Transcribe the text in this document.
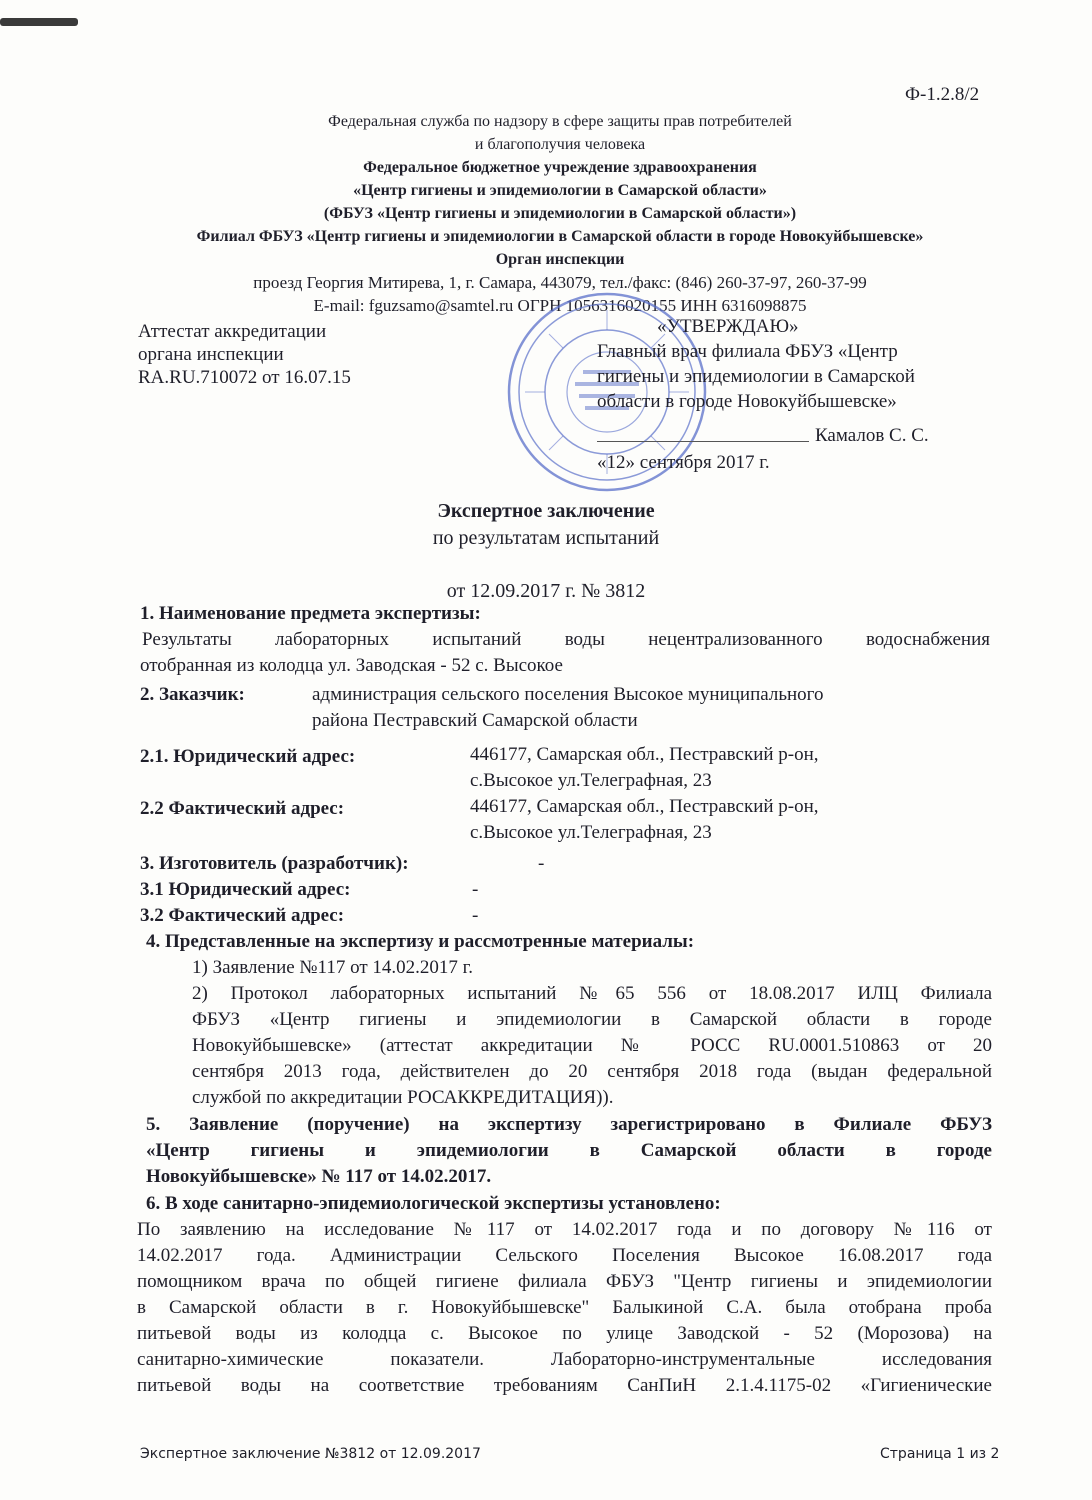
Ф-1.2.8/2
Федеральная служба по надзору в сфере защиты прав потребителей
и благополучия человека
Федеральное бюджетное учреждение здравоохранения
«Центр гигиены и эпидемиологии в Самарской области»
(ФБУЗ «Центр гигиены и эпидемиологии в Самарской области»)
Филиал ФБУЗ «Центр гигиены и эпидемиологии в Самарской области в городе Новокуйбышевске»
Орган инспекции
проезд Георгия Митирева, 1, г. Самара, 443079, тел./факс: (846) 260-37-97, 260-37-99
E-mail: fguzsamo@samtel.ru ОГРН 1056316020155 ИНН 6316098875
Аттестат аккредитации
органа инспекции
RA.RU.710072 от 16.07.15
«УТВЕРЖДАЮ»
Главный врач филиала ФБУЗ «Центр
гигиены и эпидемиологии в Самарской
области в городе Новокуйбышевске»
Камалов С. С.
«12» сентября 2017 г.
Экспертное заключение
по результатам испытаний
от 12.09.2017 г. № 3812
1. Наименование предмета экспертизы:
Результаты лабораторных испытаний воды нецентрализованного водоснабжения
отобранная из колодца ул. Заводская - 52 с. Высокое
2. Заказчик:	администрация сельского поселения Высокое муниципального
района Пестравский Самарской области
2.1. Юридический адрес:	446177, Самарская обл., Пестравский р-он,
с.Высокое ул.Телеграфная, 23
2.2 Фактический адрес:	446177, Самарская обл., Пестравский р-он,
с.Высокое ул.Телеграфная, 23
3. Изготовитель (разработчик):	-
3.1 Юридический адрес:	-
3.2 Фактический адрес:	-
4. Представленные на экспертизу и рассмотренные материалы:
1) Заявление №117 от 14.02.2017 г.
2) Протокол лабораторных испытаний №65 556 от 18.08.2017 ИЛЦ Филиала
ФБУЗ «Центр гигиены и эпидемиологии в Самарской области в городе
Новокуйбышевске» (аттестат аккредитации № РОСС RU.0001.510863 от 20
сентября 2013 года, действителен до 20 сентября 2018 года (выдан федеральной
службой по аккредитации РОСАККРЕДИТАЦИЯ)).
5. Заявление (поручение) на экспертизу зарегистрировано в Филиале ФБУЗ
«Центр гигиены и эпидемиологии в Самарской области в городе
Новокуйбышевске» № 117 от 14.02.2017.
6. В ходе санитарно-эпидемиологической экспертизы установлено:
По заявлению на исследование №117 от 14.02.2017 года и по договору №116 от
14.02.2017 года. Администрации Сельского Поселения Высокое 16.08.2017 года
помощником врача по общей гигиене филиала ФБУЗ "Центр гигиены и эпидемиологии
в Самарской области в г. Новокуйбышевске" Балыкиной С.А. была отобрана проба
питьевой воды из колодца с. Высокое по улице Заводской - 52 (Морозова) на
санитарно-химические показатели. Лабораторно-инструментальные исследования
питьевой воды на соответствие требованиям СанПиН 2.1.4.1175-02 «Гигиенические
Экспертное заключение №3812 от 12.09.2017	Страница 1 из 2
